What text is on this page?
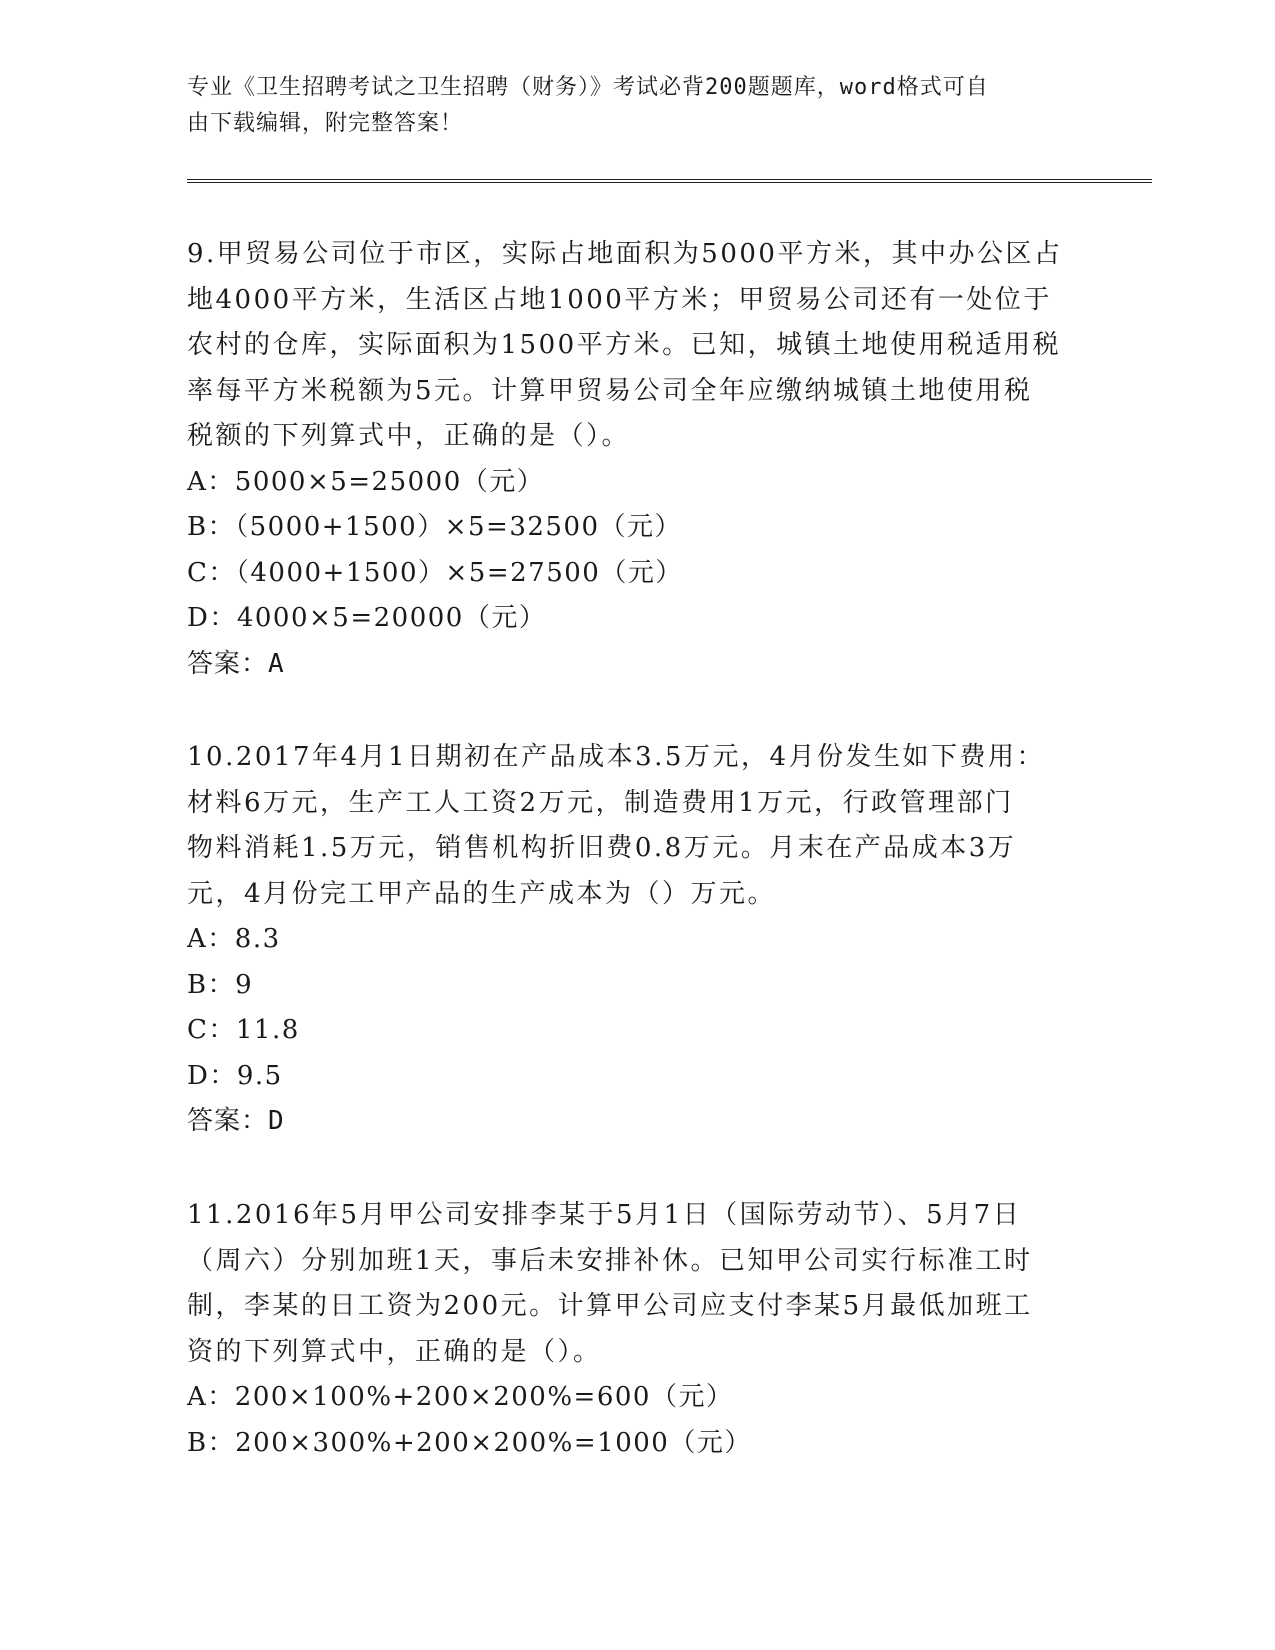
专业《卫生招聘考试之卫生招聘（财务）》考试必背200题题库，word格式可自
由下载编辑，附完整答案！

9.甲贸易公司位于市区，实际占地面积为5000平方米，其中办公区占

地4000平方米，生活区占地1000平方米；甲贸易公司还有一处位于

农村的仓库，实际面积为1500平方米。已知，城镇土地使用税适用税

率每平方米税额为5元。计算甲贸易公司全年应缴纳城镇土地使用税

税额的下列算式中，正确的是（）。

A：5000×5=25000（元）

B：（5000+1500）×5=32500（元）

C：（4000+1500）×5=27500（元）

D：4000×5=20000（元）

答案：A

10.2017年4月1日期初在产品成本3.5万元，4月份发生如下费用：

材料6万元，生产工人工资2万元，制造费用1万元，行政管理部门

物料消耗1.5万元，销售机构折旧费0.8万元。月末在产品成本3万

元，4月份完工甲产品的生产成本为（）万元。

A：8.3

B：9

C：11.8

D：9.5

答案：D

11.2016年5月甲公司安排李某于5月1日（国际劳动节）、5月7日

（周六）分别加班1天，事后未安排补休。已知甲公司实行标准工时

制，李某的日工资为200元。计算甲公司应支付李某5月最低加班工

资的下列算式中，正确的是（）。

A：200×100%+200×200%=600（元）

B：200×300%+200×200%=1000（元）
